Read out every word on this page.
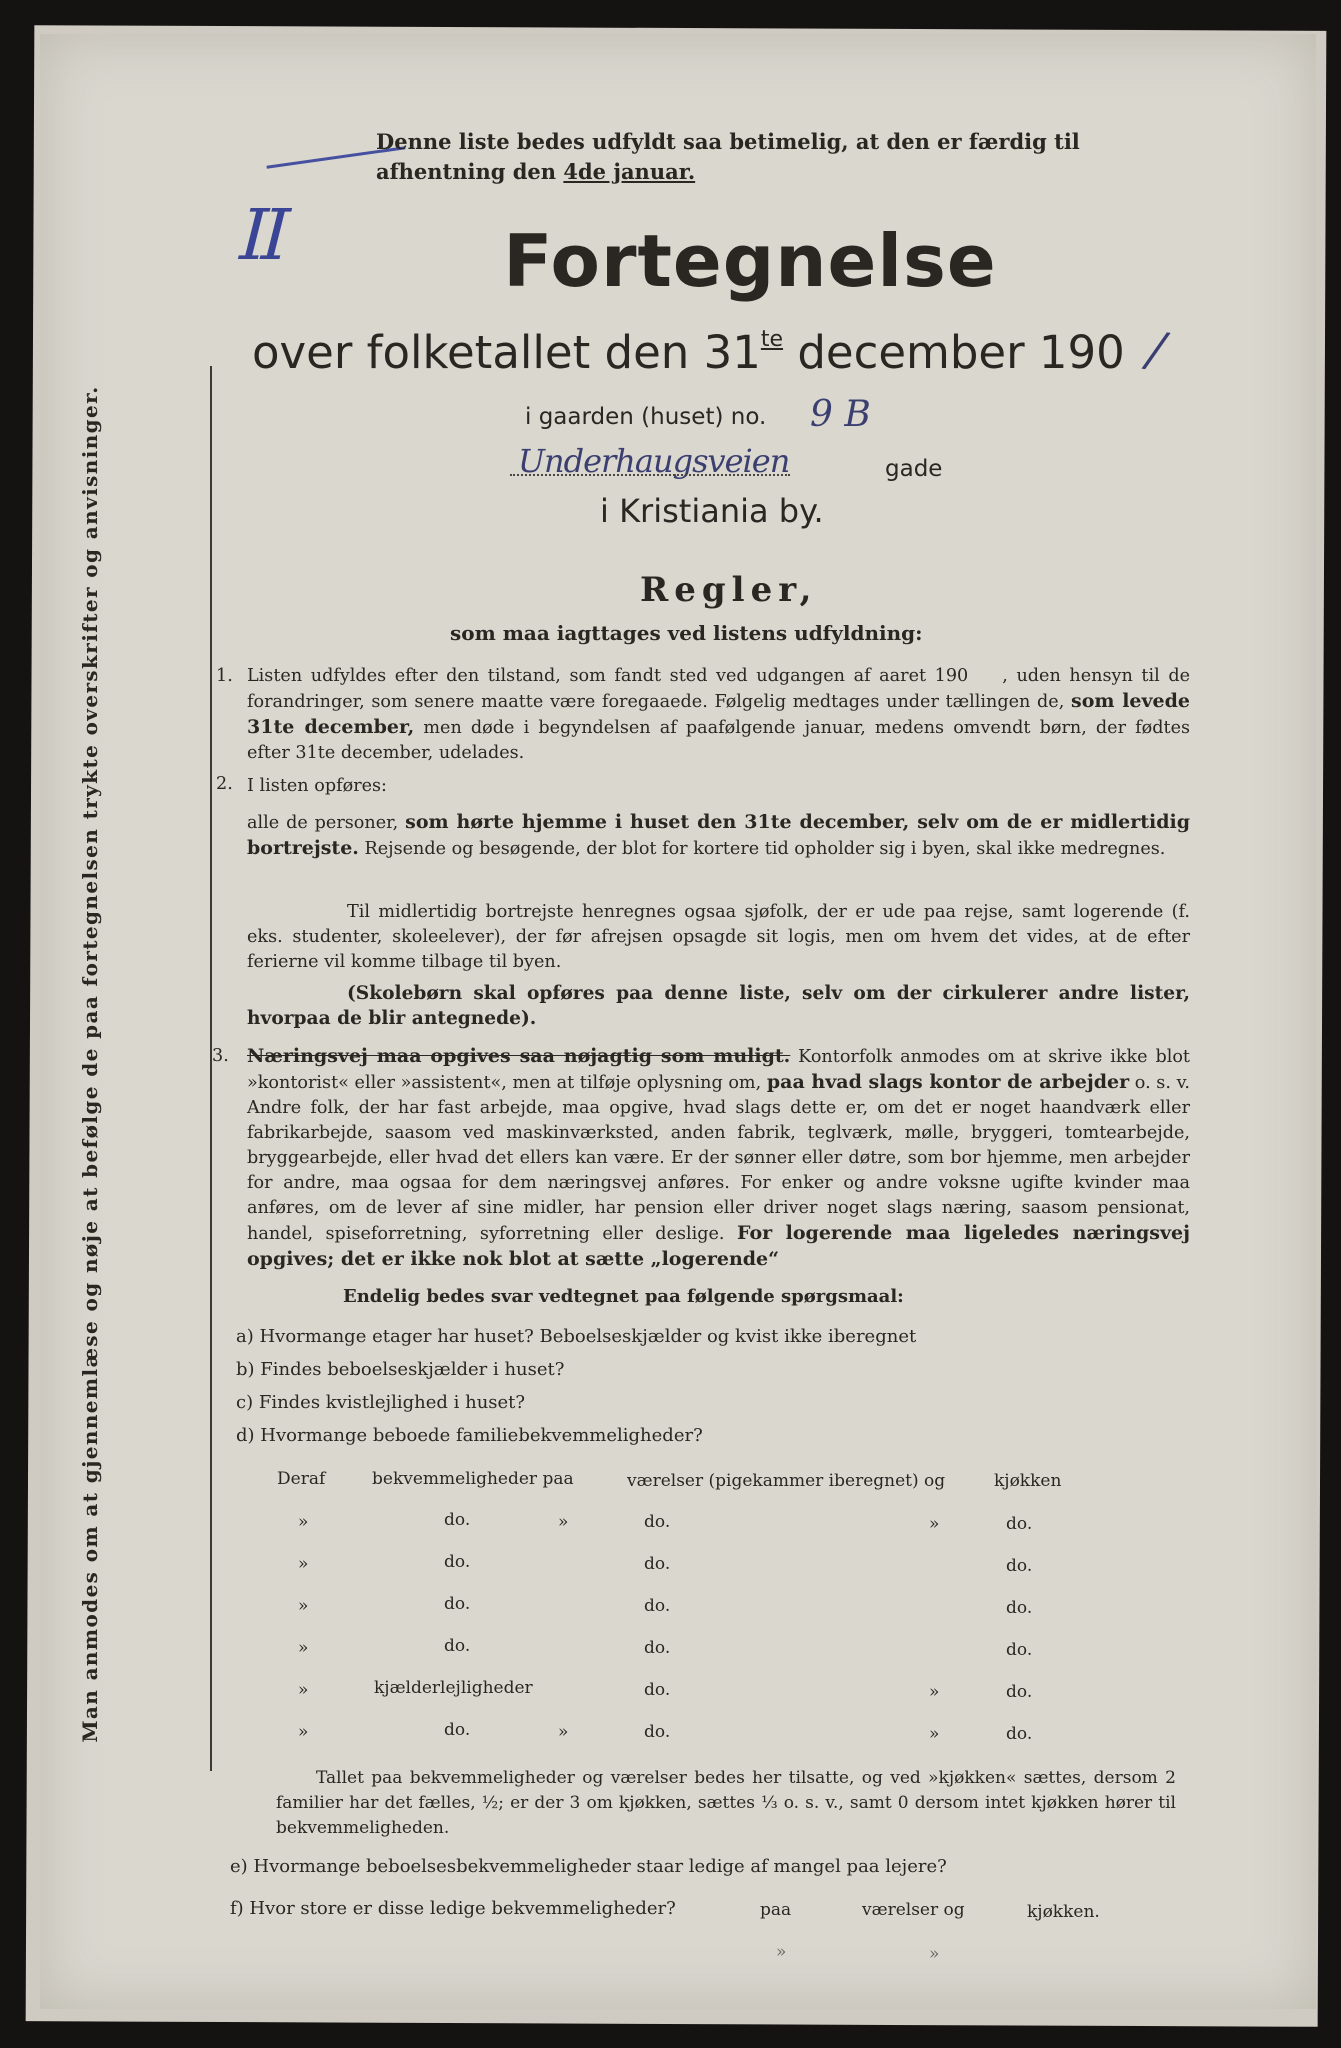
Man anmodes om at gjennemlæse og nøje at befølge de paa fortegnelsen trykte overskrifter og anvisninger.
II
Denne liste bedes udfyldt saa betimelig, at den er færdig til
afhentning den 4de januar.
Fortegnelse
over folketallet den $31^{te}$ december 190 /
i gaarden (huset) no. 9 B
Underhaugsveien	gade
i Kristiania by.
Regler,
som maa iagttages ved listens udfyldning:
1. Listen udfyldes efter den tilstand, som fandt sted ved udgangen af aaret 190 , uden hensyn til de forandringer, som senere maatte være foregaaede. Følgelig medtages under tællingen de, som levede 31te december, men døde i begyndelsen af paafølgende januar, medens omvendt børn, der fødtes efter 31te december, udelades.
2. I listen opføres:
alle de personer, som hørte hjemme i huset den 31te december, selv om de er midlertidig bortrejste. Rejsende og besøgende, der blot for kortere tid opholder sig i byen, skal ikke medregnes.
Til midlertidig bortrejste henregnes ogsaa sjøfolk, der er ude paa rejse, samt logerende (f. eks. studenter, skoleelever), der før afrejsen opsagde sit logis, men om hvem det vides, at de efter ferierne vil komme tilbage til byen.
(Skolebørn skal opføres paa denne liste, selv om der cirkulerer andre lister, hvorpaa de blir antegnede).
3. Næringsvej maa opgives saa nøjagtig som muligt. Kontorfolk anmodes om at skrive ikke blot »kontorist« eller »assistent«, men at tilføje oplysning om, paa hvad slags kontor de arbejder o. s. v. Andre folk, der har fast arbejde, maa opgive, hvad slags dette er, om det er noget haandværk eller fabrikarbejde, saasom ved maskinværksted, anden fabrik, teglværk, mølle, bryggeri, tomtearbejde, bryggearbejde, eller hvad det ellers kan være. Er der sønner eller døtre, som bor hjemme, men arbejder for andre, maa ogsaa for dem næringsvej anføres. For enker og andre voksne ugifte kvinder maa anføres, om de lever af sine midler, har pension eller driver noget slags næring, saasom pensionat, handel, spiseforretning, syforretning eller deslige. For logerende maa ligeledes næringsvej opgives; det er ikke nok blot at sætte „logerende“
Endelig bedes svar vedtegnet paa følgende spørgsmaal:
a) Hvormange etager har huset? Beboelseskjælder og kvist ikke iberegnet
b) Findes beboelseskjælder i huset?
c) Findes kvistlejlighed i huset?
d) Hvormange beboede familiebekvemmeligheder?
Deraf	bekvemmeligheder paa	værelser (pigekammer iberegnet) og	kjøkken
»	do.	»	do.	»	do.
»	do.	do.	do.
»	do.	do.	do.
»	do.	do.	do.
»	kjælderlejligheder	do.	»	do.
»	do.	»	do.	»	do.
Tallet paa bekvemmeligheder og værelser bedes her tilsatte, og ved »kjøkken« sættes, dersom 2 familier har det fælles, ½; er der 3 om kjøkken, sættes ⅓ o. s. v., samt 0 dersom intet kjøkken hører til bekvemmeligheden.
e) Hvormange beboelsesbekvemmeligheder staar ledige af mangel paa lejere?
f) Hvor store er disse ledige bekvemmeligheder?	paa	værelser og	kjøkken.
»	»
